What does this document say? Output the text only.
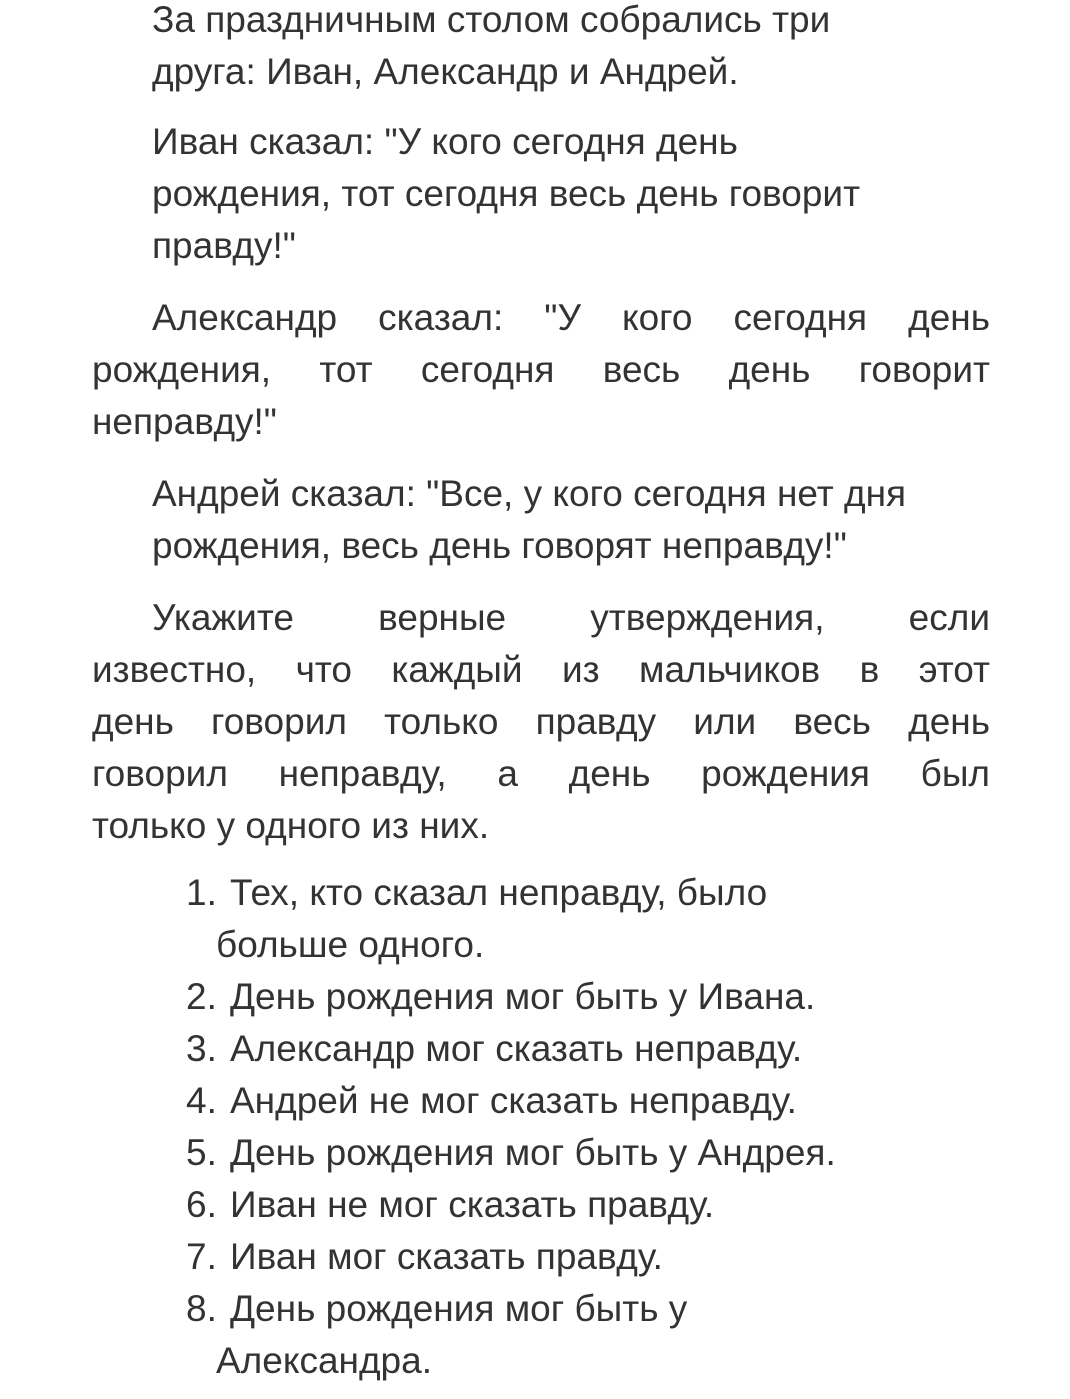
За праздничным столом собрались три
друга: Иван, Александр и Андрей.

Иван сказал: "У кого сегодня день
рождения, тот сегодня весь день говорит
правду!"

Александр сказал: "У кого сегодня день
рождения, тот сегодня весь день говорит
неправду!"

Андрей сказал: "Все, у кого сегодня нет дня
рождения, весь день говорят неправду!"

Укажите верные утверждения, если
известно, что каждый из мальчиков в этот
день говорил только правду или весь день
говорил неправду, а день рождения был
только у одного из них.
1. Тех, кто сказал неправду, было
больше одного.
2. День рождения мог быть у Ивана.
3. Александр мог сказать неправду.
4. Андрей не мог сказать неправду.
5. День рождения мог быть у Андрея.
6. Иван не мог сказать правду.
7. Иван мог сказать правду.
8. День рождения мог быть у
Александра.
